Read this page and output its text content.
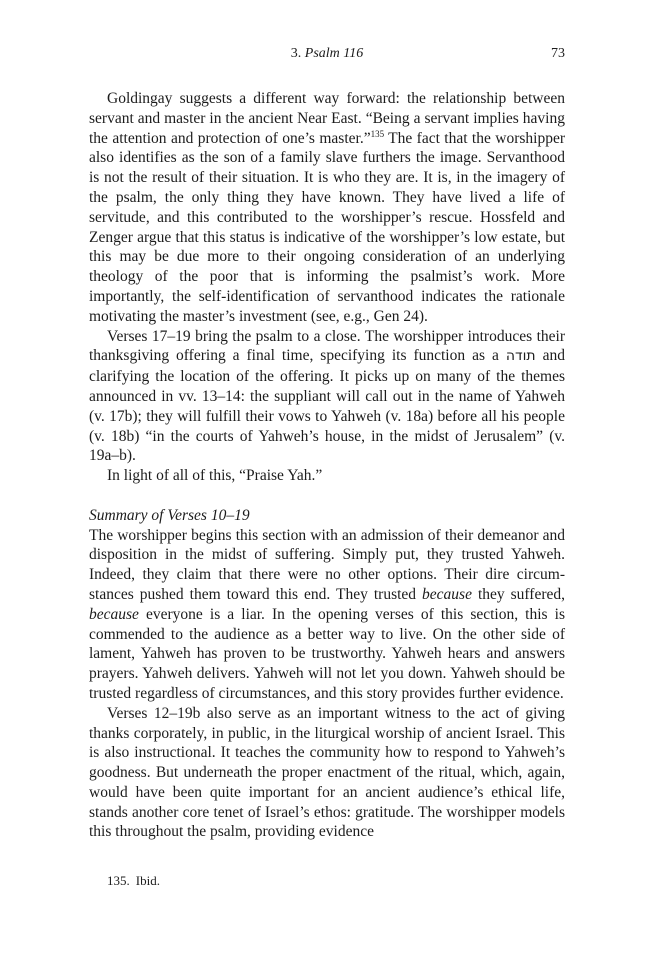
3. Psalm 116	73

Goldingay suggests a different way forward: the relationship between servant and master in the ancient Near East. “Being a servant implies having the attention and protection of one’s master.”$^{135}$ The fact that the worshipper also identifies as the son of a family slave furthers the image. Servanthood is not the result of their situation. It is who they are. It is, in the imagery of the psalm, the only thing they have known. They have lived a life of servitude, and this contributed to the worshipper’s rescue. Hossfeld and Zenger argue that this status is indicative of the worshipper’s low estate, but this may be due more to their ongoing consideration of an underlying theology of the poor that is informing the psalmist’s work. More importantly, the self-identification of servanthood indicates the rationale motivating the master’s investment (see, e.g., Gen 24).

Verses 17–19 bring the psalm to a close. The worshipper introduces their thanksgiving offering a final time, specifying its function as a תודה and clarifying the location of the offering. It picks up on many of the themes announced in vv. 13–14: the suppliant will call out in the name of Yahweh (v. 17b); they will fulfill their vows to Yahweh (v. 18a) before all his people (v. 18b) “in the courts of Yahweh’s house, in the midst of Jerusalem” (v. 19a–b).

In light of all of this, “Praise Yah.”

Summary of Verses 10–19

The worshipper begins this section with an admission of their demeanor and disposition in the midst of suffering. Simply put, they trusted Yahweh. Indeed, they claim that there were no other options. Their dire circumstances pushed them toward this end. They trusted because they suffered, because everyone is a liar. In the opening verses of this section, this is commended to the audience as a better way to live. On the other side of lament, Yahweh has proven to be trustworthy. Yahweh hears and answers prayers. Yahweh delivers. Yahweh will not let you down. Yahweh should be trusted regardless of circumstances, and this story provides further evidence.

Verses 12–19b also serve as an important witness to the act of giving thanks corporately, in public, in the liturgical worship of ancient Israel. This is also instructional. It teaches the community how to respond to Yahweh’s goodness. But underneath the proper enactment of the ritual, which, again, would have been quite important for an ancient audience’s ethical life, stands another core tenet of Israel’s ethos: gratitude. The worshipper models this throughout the psalm, providing evidence

135. Ibid.
